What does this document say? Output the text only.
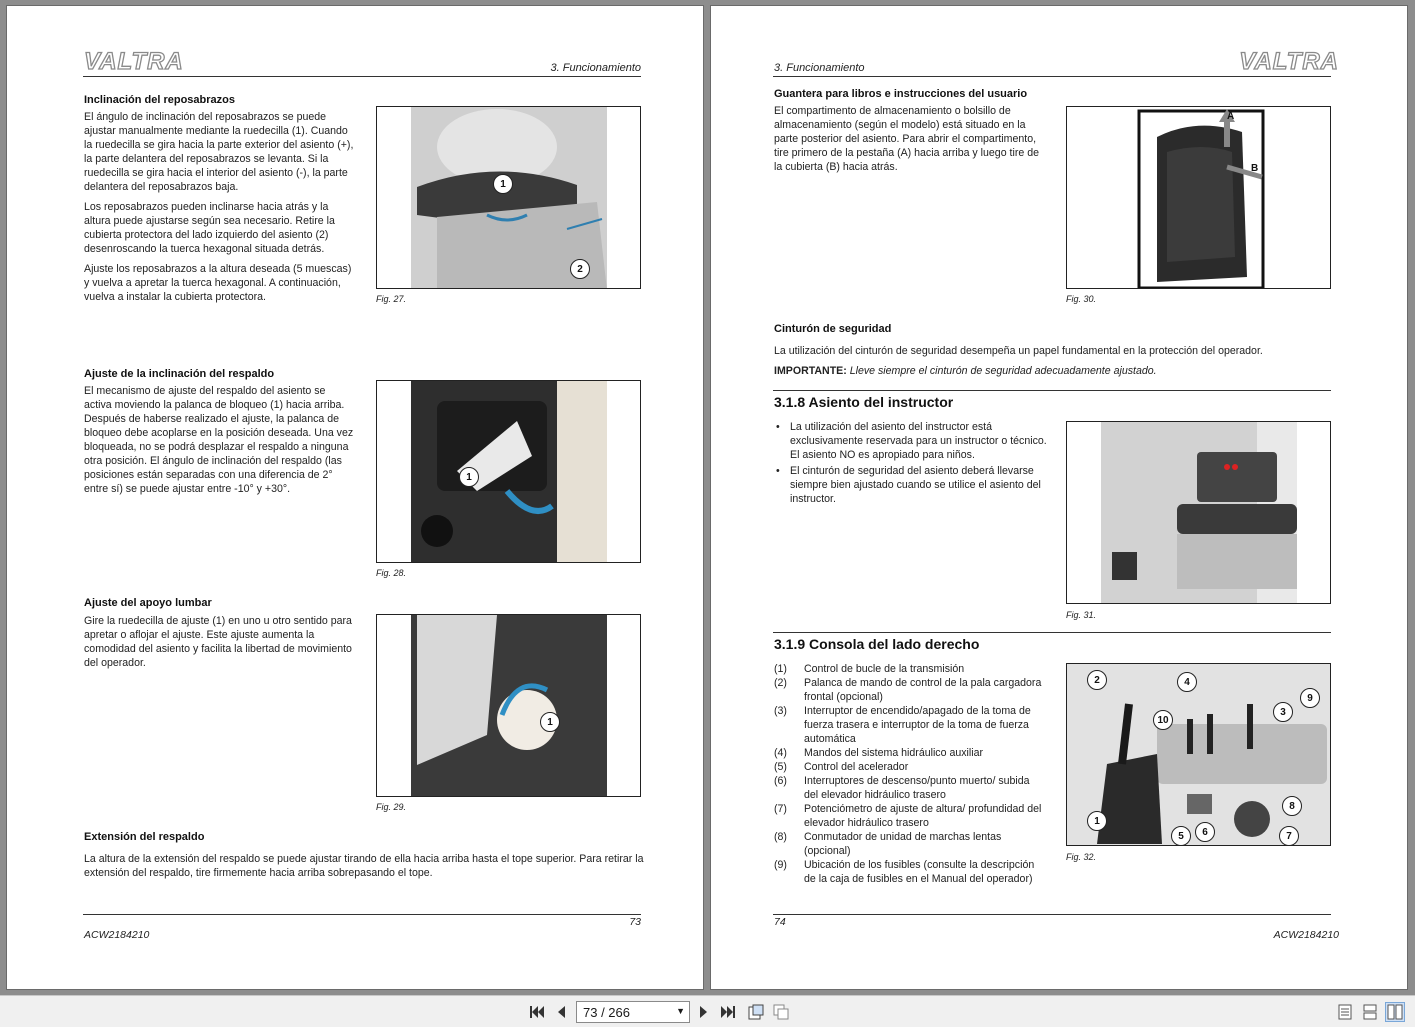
VALTRA	3. Funcionamiento
Inclinación del reposabrazos

El ángulo de inclinación del reposabrazos se puede ajustar manualmente mediante la ruedecilla (1). Cuando la ruedecilla se gira hacia la parte exterior del asiento (+), la parte delantera del reposabrazos se levanta. Si la ruedecilla se gira hacia el interior del asiento (-), la parte delantera del reposabrazos baja.

Los reposabrazos pueden inclinarse hacia atrás y la altura puede ajustarse según sea necesario. Retire la cubierta protectora del lado izquierdo del asiento (2) desenroscando la tuerca hexagonal situada detrás.

Ajuste los reposabrazos a la altura deseada (5 muescas) y vuelva a apretar la tuerca hexagonal. A continuación, vuelva a instalar la cubierta protectora.

1
2
Fig. 27.
Ajuste de la inclinación del respaldo

El mecanismo de ajuste del respaldo del asiento se activa moviendo la palanca de bloqueo (1) hacia arriba. Después de haberse realizado el ajuste, la palanca de bloqueo debe acoplarse en la posición deseada. Una vez bloqueada, no se podrá desplazar el respaldo a ninguna otra posición. El ángulo de inclinación del respaldo (las posiciones están separadas con una diferencia de 2° entre sí) se puede ajustar entre -10° y +30°.

1
Fig. 28.
Ajuste del apoyo lumbar

Gire la ruedecilla de ajuste (1) en uno u otro sentido para apretar o aflojar el ajuste. Este ajuste aumenta la comodidad del asiento y facilita la libertad de movimiento del operador.

1
Fig. 29.
Extensión del respaldo

La altura de la extensión del respaldo se puede ajustar tirando de ella hacia arriba hasta el tope superior. Para retirar la extensión del respaldo, tire firmemente hacia arriba sobrepasando el tope.

73
ACW2184210
3. Funcionamiento	VALTRA
Guantera para libros e instrucciones del usuario

El compartimento de almacenamiento o bolsillo de almacenamiento (según el modelo) está situado en la parte posterior del asiento. Para abrir el compartimento, tire primero de la pestaña (A) hacia arriba y luego tire de la cubierta (B) hacia atrás.

A
B
Fig. 30.
Cinturón de seguridad

La utilización del cinturón de seguridad desempeña un papel fundamental en la protección del operador.

IMPORTANTE: Lleve siempre el cinturón de seguridad adecuadamente ajustado.

3.1.8 Asiento del instructor
• La utilización del asiento del instructor está exclusivamente reservada para un instructor o técnico. El asiento NO es apropiado para niños.
• El cinturón de seguridad del asiento deberá llevarse siempre bien ajustado cuando se utilice el asiento del instructor.
Fig. 31.
3.1.9 Consola del lado derecho
(1)	Control de bucle de la transmisión
(2)	Palanca de mando de control de la pala cargadora frontal (opcional)
(3)	Interruptor de encendido/apagado de la toma de fuerza trasera e interruptor de la toma de fuerza automática
(4)	Mandos del sistema hidráulico auxiliar
(5)	Control del acelerador
(6)	Interruptores de descenso/punto muerto/ subida del elevador hidráulico trasero
(7)	Potenciómetro de ajuste de altura/ profundidad del elevador hidráulico trasero
(8)	Conmutador de unidad de marchas lentas (opcional)
(9)	Ubicación de los fusibles (consulte la descripción de la caja de fusibles en el Manual del operador)
2	4
9
10
3
8
1
5	6	7
Fig. 32.
74
ACW2184210
73 / 266	▼
